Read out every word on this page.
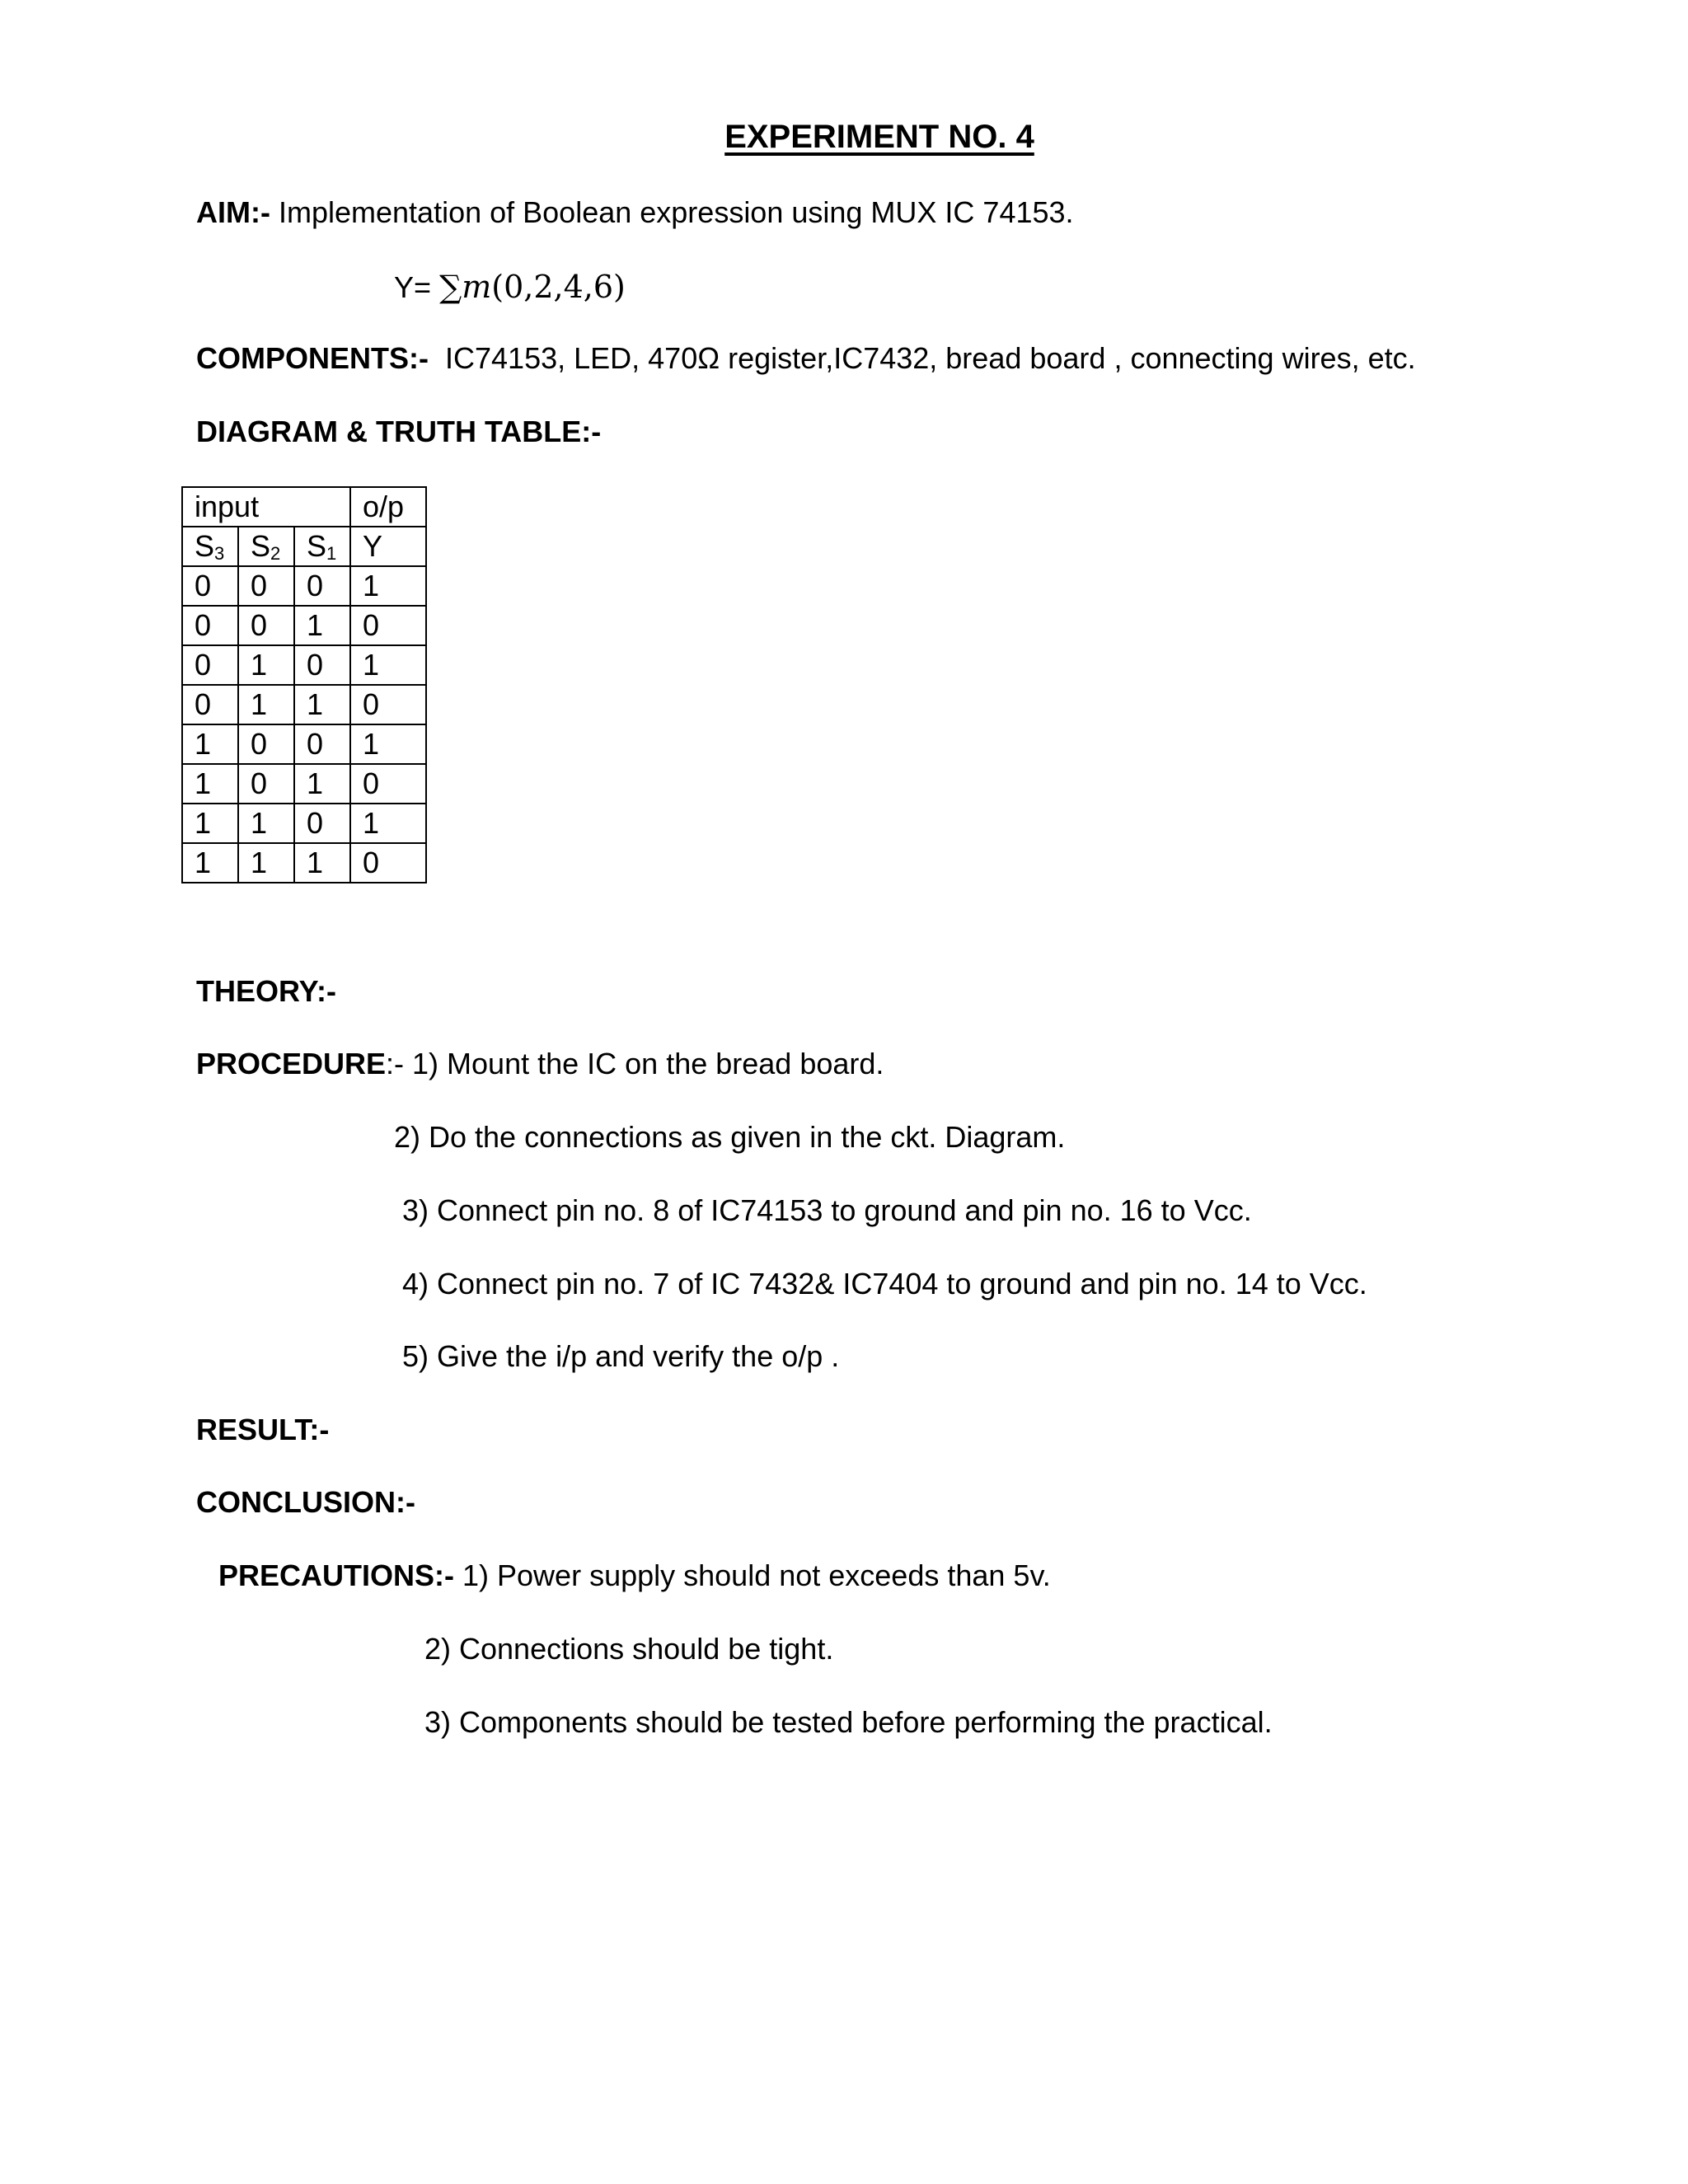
EXPERIMENT NO. 4
AIM:- Implementation of Boolean expression using MUX IC 74153.
Y= ∑m(0,2,4,6)
COMPONENTS:- IC74153, LED, 470Ω register,IC7432, bread board , connecting wires, etc.
DIAGRAM & TRUTH TABLE:-
input			o/p
$S_3$	$S_2$	$S_1$	Y
0	0	0	1
0	0	1	0
0	1	0	1
0	1	1	0
1	0	0	1
1	0	1	0
1	1	0	1
1	1	1	0
THEORY:-
PROCEDURE:- 1) Mount the IC on the bread board.
2) Do the connections as given in the ckt. Diagram.
3) Connect pin no. 8 of IC74153 to ground and pin no. 16 to Vcc.
4) Connect pin no. 7 of IC 7432& IC7404 to ground and pin no. 14 to Vcc.
5) Give the i/p and verify the o/p .
RESULT:-
CONCLUSION:-
PRECAUTIONS:- 1) Power supply should not exceeds than 5v.
2) Connections should be tight.
3) Components should be tested before performing the practical.
